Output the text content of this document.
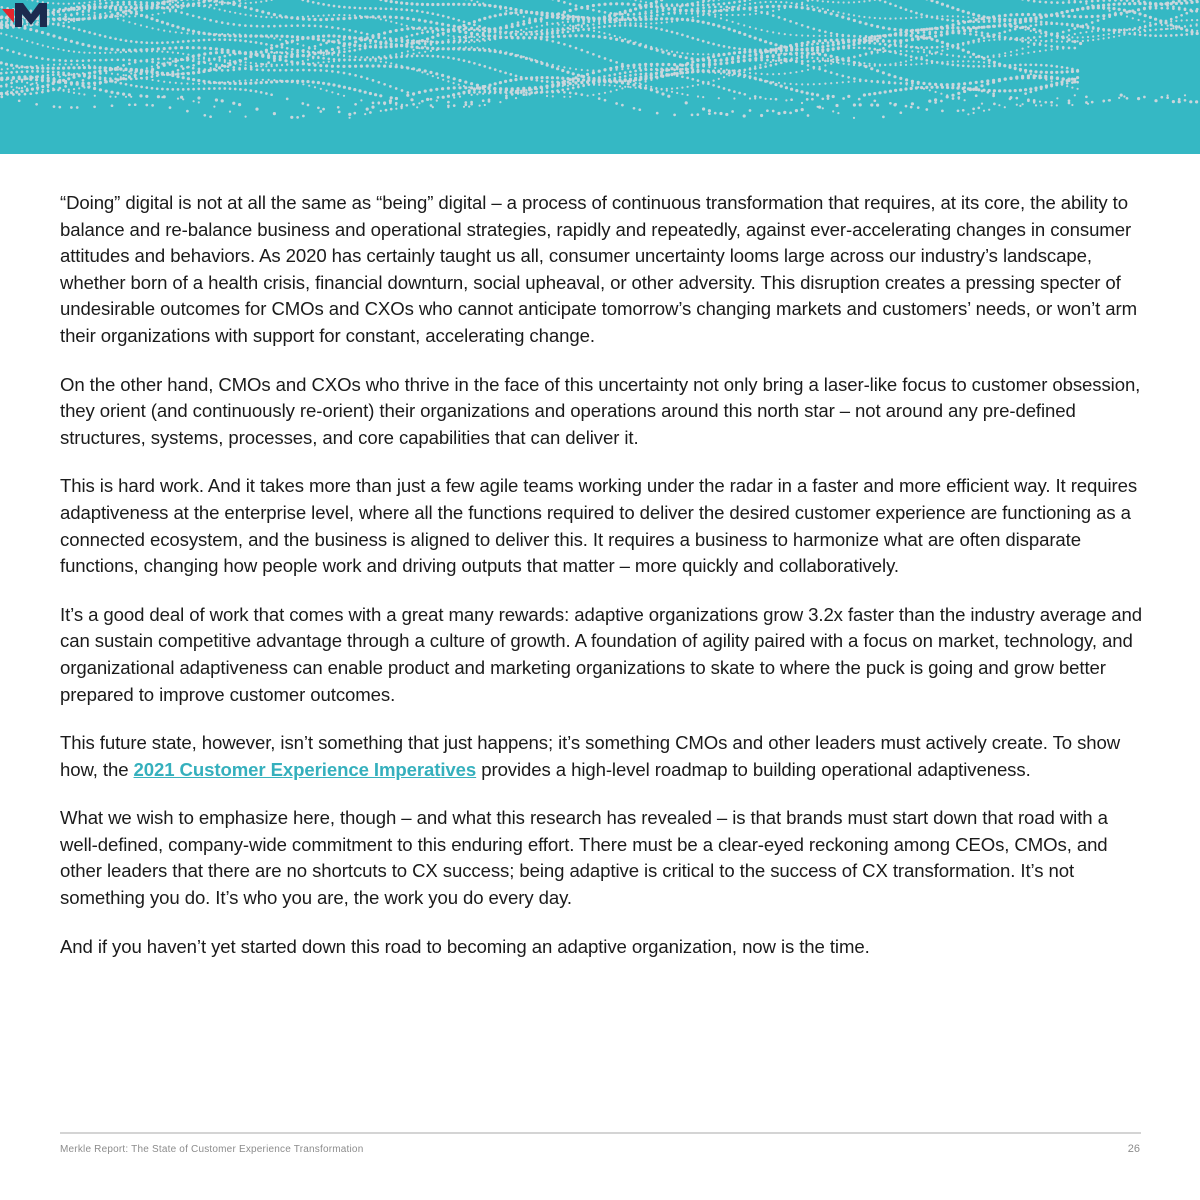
“Doing” digital is not at all the same as “being” digital – a process of continuous transformation that requires, at its core, the ability to balance and re-balance business and operational strategies, rapidly and repeatedly, against ever-accelerating changes in consumer attitudes and behaviors. As 2020 has certainly taught us all, consumer uncertainty looms large across our industry’s landscape, whether born of a health crisis, financial downturn, social upheaval, or other adversity. This disruption creates a pressing specter of undesirable outcomes for CMOs and CXOs who cannot anticipate tomorrow’s changing markets and customers’ needs, or won’t arm their organizations with support for constant, accelerating change.

On the other hand, CMOs and CXOs who thrive in the face of this uncertainty not only bring a laser-like focus to customer obsession, they orient (and continuously re-orient) their organizations and operations around this north star – not around any pre-defined structures, systems, processes, and core capabilities that can deliver it.

This is hard work. And it takes more than just a few agile teams working under the radar in a faster and more efficient way. It requires adaptiveness at the enterprise level, where all the functions required to deliver the desired customer experience are functioning as a connected ecosystem, and the business is aligned to deliver this. It requires a business to harmonize what are often disparate functions, changing how people work and driving outputs that matter – more quickly and collaboratively.

It’s a good deal of work that comes with a great many rewards: adaptive organizations grow 3.2x faster than the industry average and can sustain competitive advantage through a culture of growth. A foundation of agility paired with a focus on market, technology, and organizational adaptiveness can enable product and marketing organizations to skate to where the puck is going and grow better prepared to improve customer outcomes.

This future state, however, isn’t something that just happens; it’s something CMOs and other leaders must actively create. To show how, the 2021 Customer Experience Imperatives provides a high-level roadmap to building operational adaptiveness.

What we wish to emphasize here, though – and what this research has revealed – is that brands must start down that road with a well-defined, company-wide commitment to this enduring effort. There must be a clear-eyed reckoning among CEOs, CMOs, and other leaders that there are no shortcuts to CX success; being adaptive is critical to the success of CX transformation. It’s not something you do. It’s who you are, the work you do every day.

And if you haven’t yet started down this road to becoming an adaptive organization, now is the time.

Merkle Report: The State of Customer Experience Transformation	26
